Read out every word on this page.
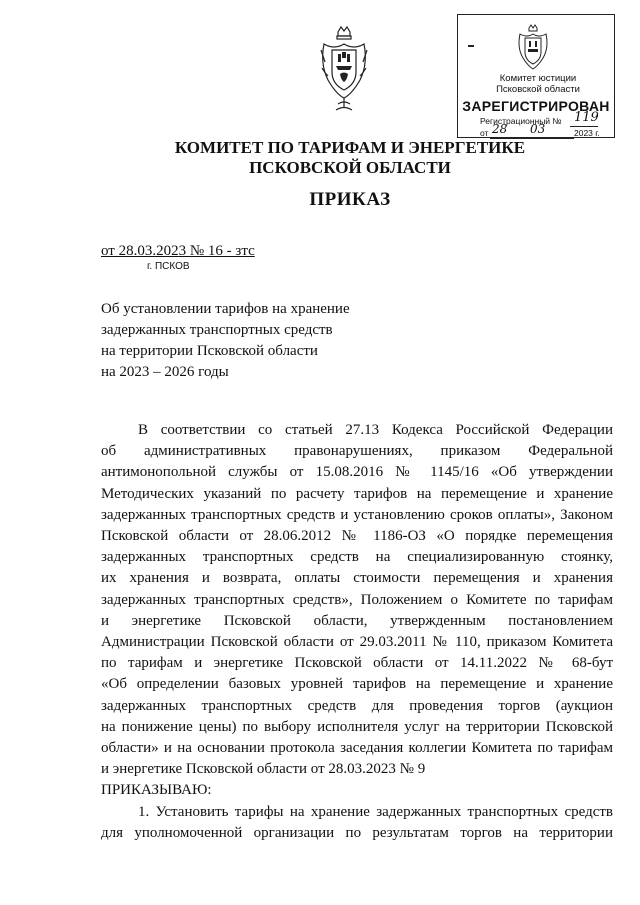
Комитет юстиции
Псковской области
ЗАРЕГИСТРИРОВАН
Регистрационный № 119
от 28 03	2023 г.
КОМИТЕТ ПО ТАРИФАМ И ЭНЕРГЕТИКЕ
ПСКОВСКОЙ ОБЛАСТИ
ПРИКАЗ
от 28.03.2023 № 16 - зтс
г. ПСКОВ
Об установлении тарифов на хранение
задержанных транспортных средств
на территории Псковской области
на 2023 – 2026 годы
В соответствии со статьей 27.13 Кодекса Российской Федерации
об административных правонарушениях, приказом Федеральной
антимонопольной службы от 15.08.2016 № 1145/16 «Об утверждении
Методических указаний по расчету тарифов на перемещение и хранение
задержанных транспортных средств и установлению сроков оплаты», Законом
Псковской области от 28.06.2012 № 1186-ОЗ «О порядке перемещения
задержанных транспортных средств на специализированную стоянку,
их хранения и возврата, оплаты стоимости перемещения и хранения
задержанных транспортных средств», Положением о Комитете по тарифам
и энергетике Псковской области, утвержденным постановлением
Администрации Псковской области от 29.03.2011 № 110, приказом Комитета
по тарифам и энергетике Псковской области от 14.11.2022 № 68-бут
«Об определении базовых уровней тарифов на перемещение и хранение
задержанных транспортных средств для проведения торгов (аукцион
на понижение цены) по выбору исполнителя услуг на территории Псковской
области» и на основании протокола заседания коллегии Комитета по тарифам
и энергетике Псковской области от 28.03.2023 № 9
ПРИКАЗЫВАЮ:
1. Установить тарифы на хранение задержанных транспортных средств
для уполномоченной организации по результатам торгов на территории
